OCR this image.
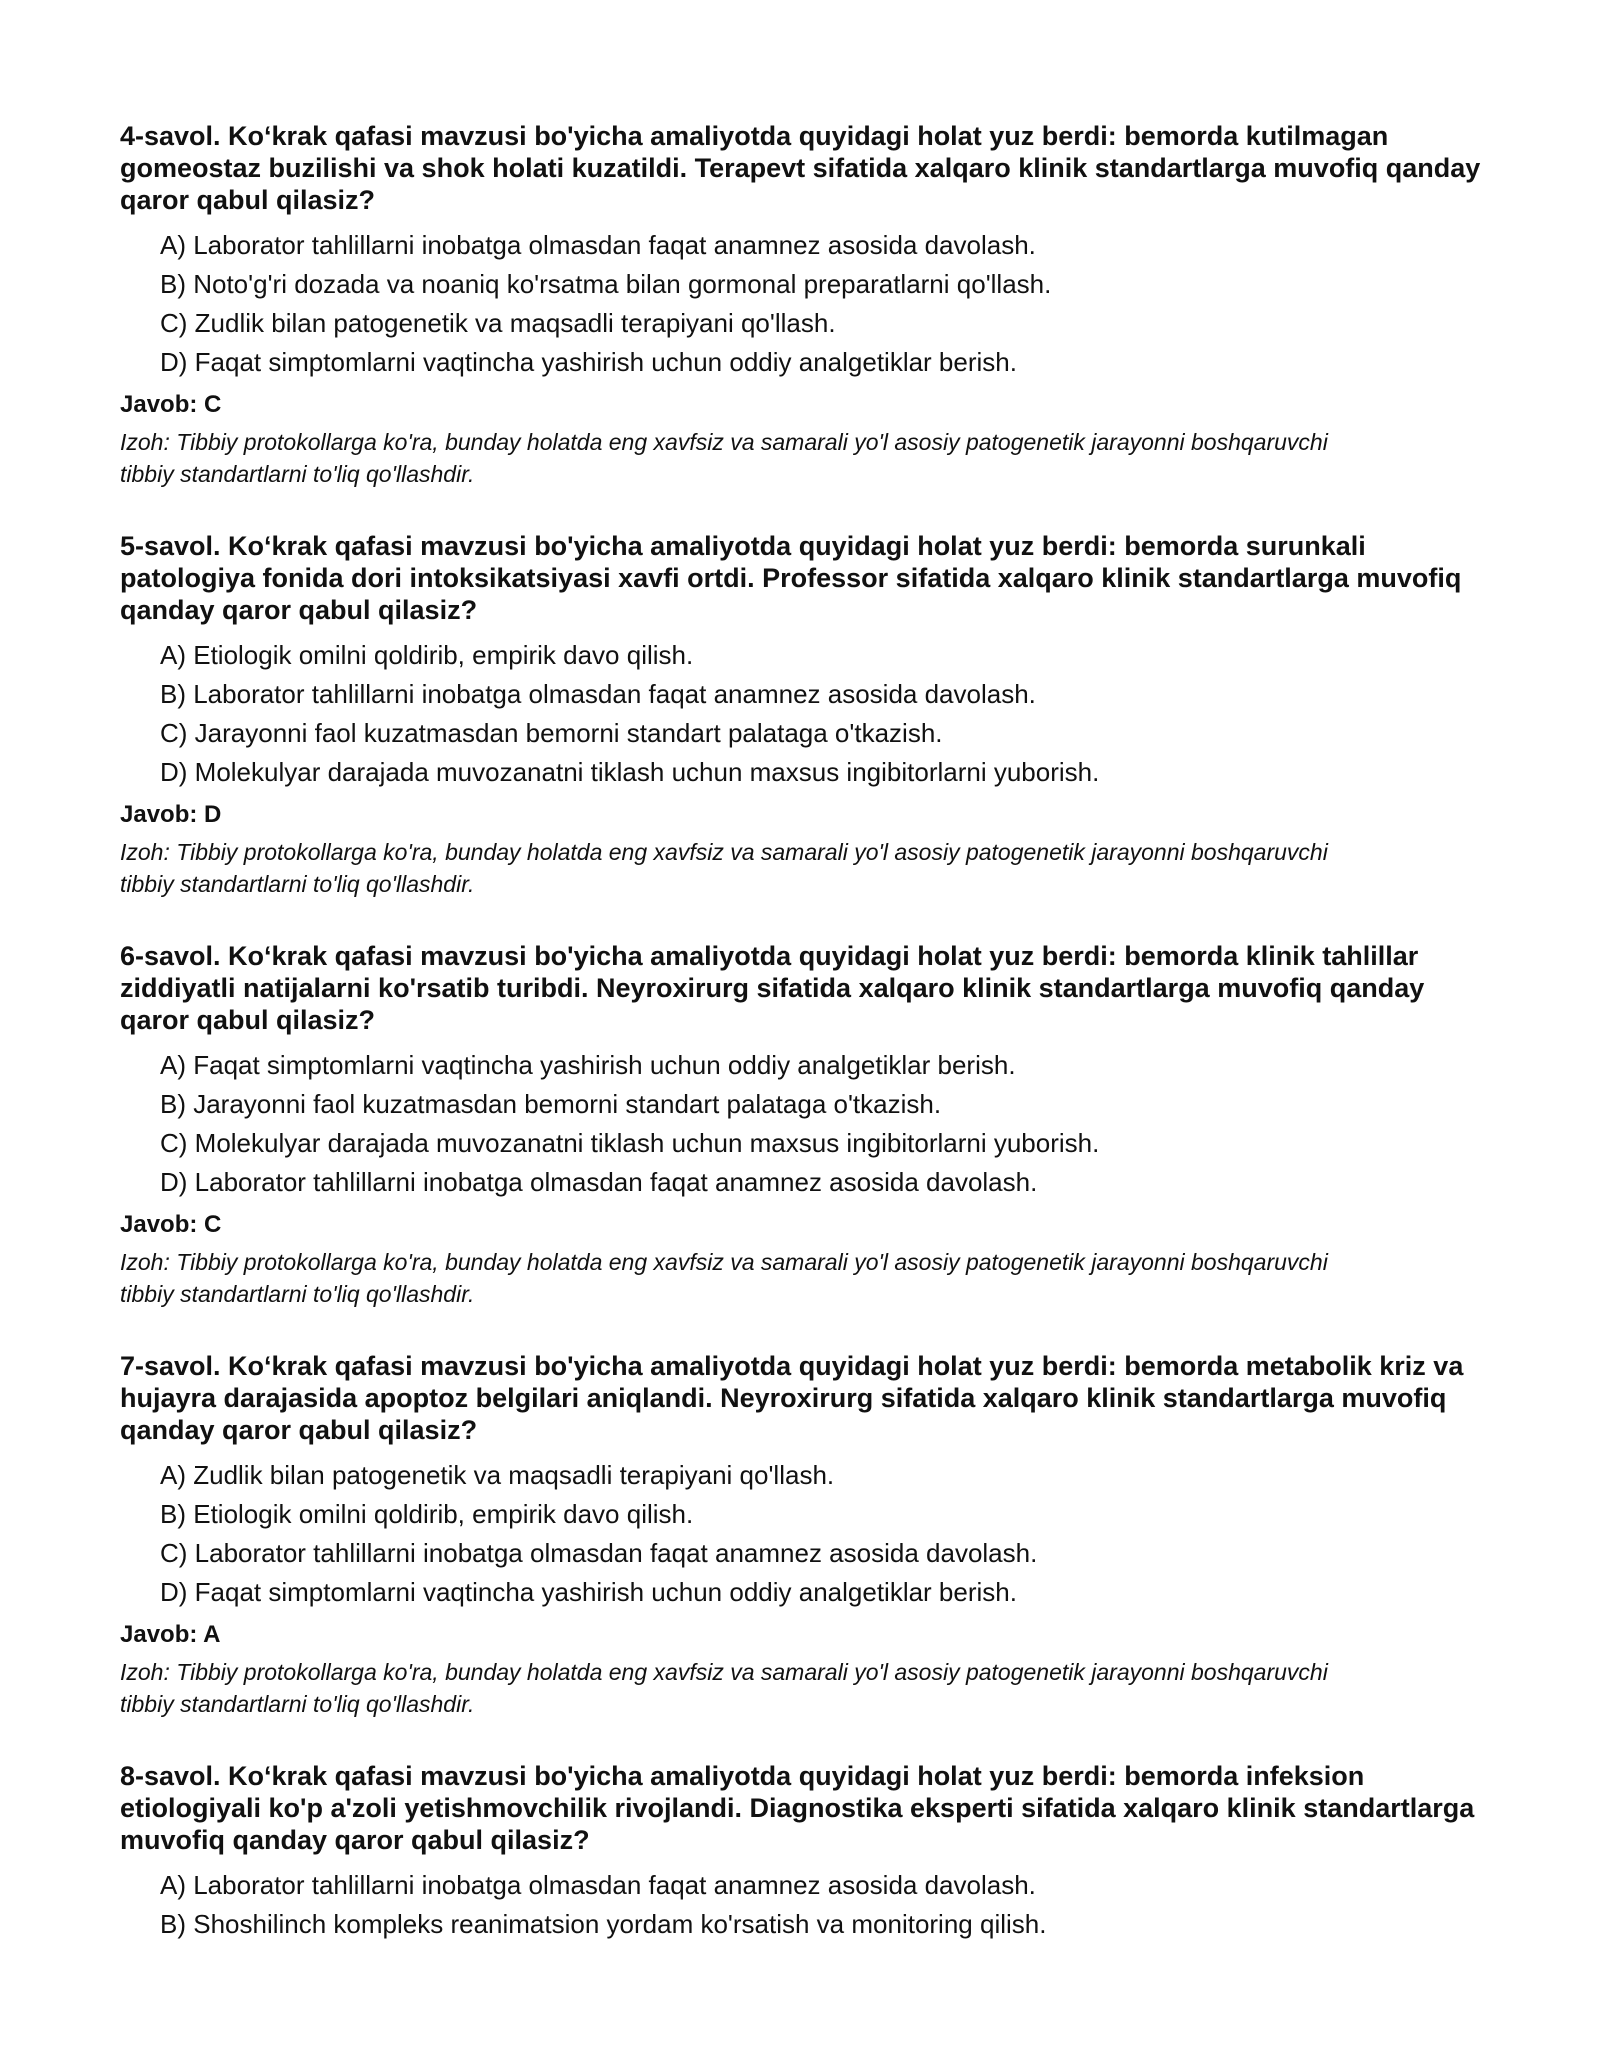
4-savol. Ko‘krak qafasi mavzusi bo'yicha amaliyotda quyidagi holat yuz berdi: bemorda kutilmagan gomeostaz buzilishi va shok holati kuzatildi. Terapevt sifatida xalqaro klinik standartlarga muvofiq qanday qaror qabul qilasiz?

A) Laborator tahlillarni inobatga olmasdan faqat anamnez asosida davolash.
B) Noto'g'ri dozada va noaniq ko'rsatma bilan gormonal preparatlarni qo'llash.
C) Zudlik bilan patogenetik va maqsadli terapiyani qo'llash.
D) Faqat simptomlarni vaqtincha yashirish uchun oddiy analgetiklar berish.

Javob: C

Izoh: Tibbiy protokollarga ko'ra, bunday holatda eng xavfsiz va samarali yo'l asosiy patogenetik jarayonni boshqaruvchi tibbiy standartlarni to'liq qo'llashdir.

5-savol. Ko‘krak qafasi mavzusi bo'yicha amaliyotda quyidagi holat yuz berdi: bemorda surunkali patologiya fonida dori intoksikatsiyasi xavfi ortdi. Professor sifatida xalqaro klinik standartlarga muvofiq qanday qaror qabul qilasiz?

A) Etiologik omilni qoldirib, empirik davo qilish.
B) Laborator tahlillarni inobatga olmasdan faqat anamnez asosida davolash.
C) Jarayonni faol kuzatmasdan bemorni standart palataga o'tkazish.
D) Molekulyar darajada muvozanatni tiklash uchun maxsus ingibitorlarni yuborish.

Javob: D

Izoh: Tibbiy protokollarga ko'ra, bunday holatda eng xavfsiz va samarali yo'l asosiy patogenetik jarayonni boshqaruvchi tibbiy standartlarni to'liq qo'llashdir.

6-savol. Ko‘krak qafasi mavzusi bo'yicha amaliyotda quyidagi holat yuz berdi: bemorda klinik tahlillar ziddiyatli natijalarni ko'rsatib turibdi. Neyroxirurg sifatida xalqaro klinik standartlarga muvofiq qanday qaror qabul qilasiz?

A) Faqat simptomlarni vaqtincha yashirish uchun oddiy analgetiklar berish.
B) Jarayonni faol kuzatmasdan bemorni standart palataga o'tkazish.
C) Molekulyar darajada muvozanatni tiklash uchun maxsus ingibitorlarni yuborish.
D) Laborator tahlillarni inobatga olmasdan faqat anamnez asosida davolash.

Javob: C

Izoh: Tibbiy protokollarga ko'ra, bunday holatda eng xavfsiz va samarali yo'l asosiy patogenetik jarayonni boshqaruvchi tibbiy standartlarni to'liq qo'llashdir.

7-savol. Ko‘krak qafasi mavzusi bo'yicha amaliyotda quyidagi holat yuz berdi: bemorda metabolik kriz va hujayra darajasida apoptoz belgilari aniqlandi. Neyroxirurg sifatida xalqaro klinik standartlarga muvofiq qanday qaror qabul qilasiz?

A) Zudlik bilan patogenetik va maqsadli terapiyani qo'llash.
B) Etiologik omilni qoldirib, empirik davo qilish.
C) Laborator tahlillarni inobatga olmasdan faqat anamnez asosida davolash.
D) Faqat simptomlarni vaqtincha yashirish uchun oddiy analgetiklar berish.

Javob: A

Izoh: Tibbiy protokollarga ko'ra, bunday holatda eng xavfsiz va samarali yo'l asosiy patogenetik jarayonni boshqaruvchi tibbiy standartlarni to'liq qo'llashdir.

8-savol. Ko‘krak qafasi mavzusi bo'yicha amaliyotda quyidagi holat yuz berdi: bemorda infeksion etiologiyali ko'p a'zoli yetishmovchilik rivojlandi. Diagnostika eksperti sifatida xalqaro klinik standartlarga muvofiq qanday qaror qabul qilasiz?

A) Laborator tahlillarni inobatga olmasdan faqat anamnez asosida davolash.
B) Shoshilinch kompleks reanimatsion yordam ko'rsatish va monitoring qilish.
